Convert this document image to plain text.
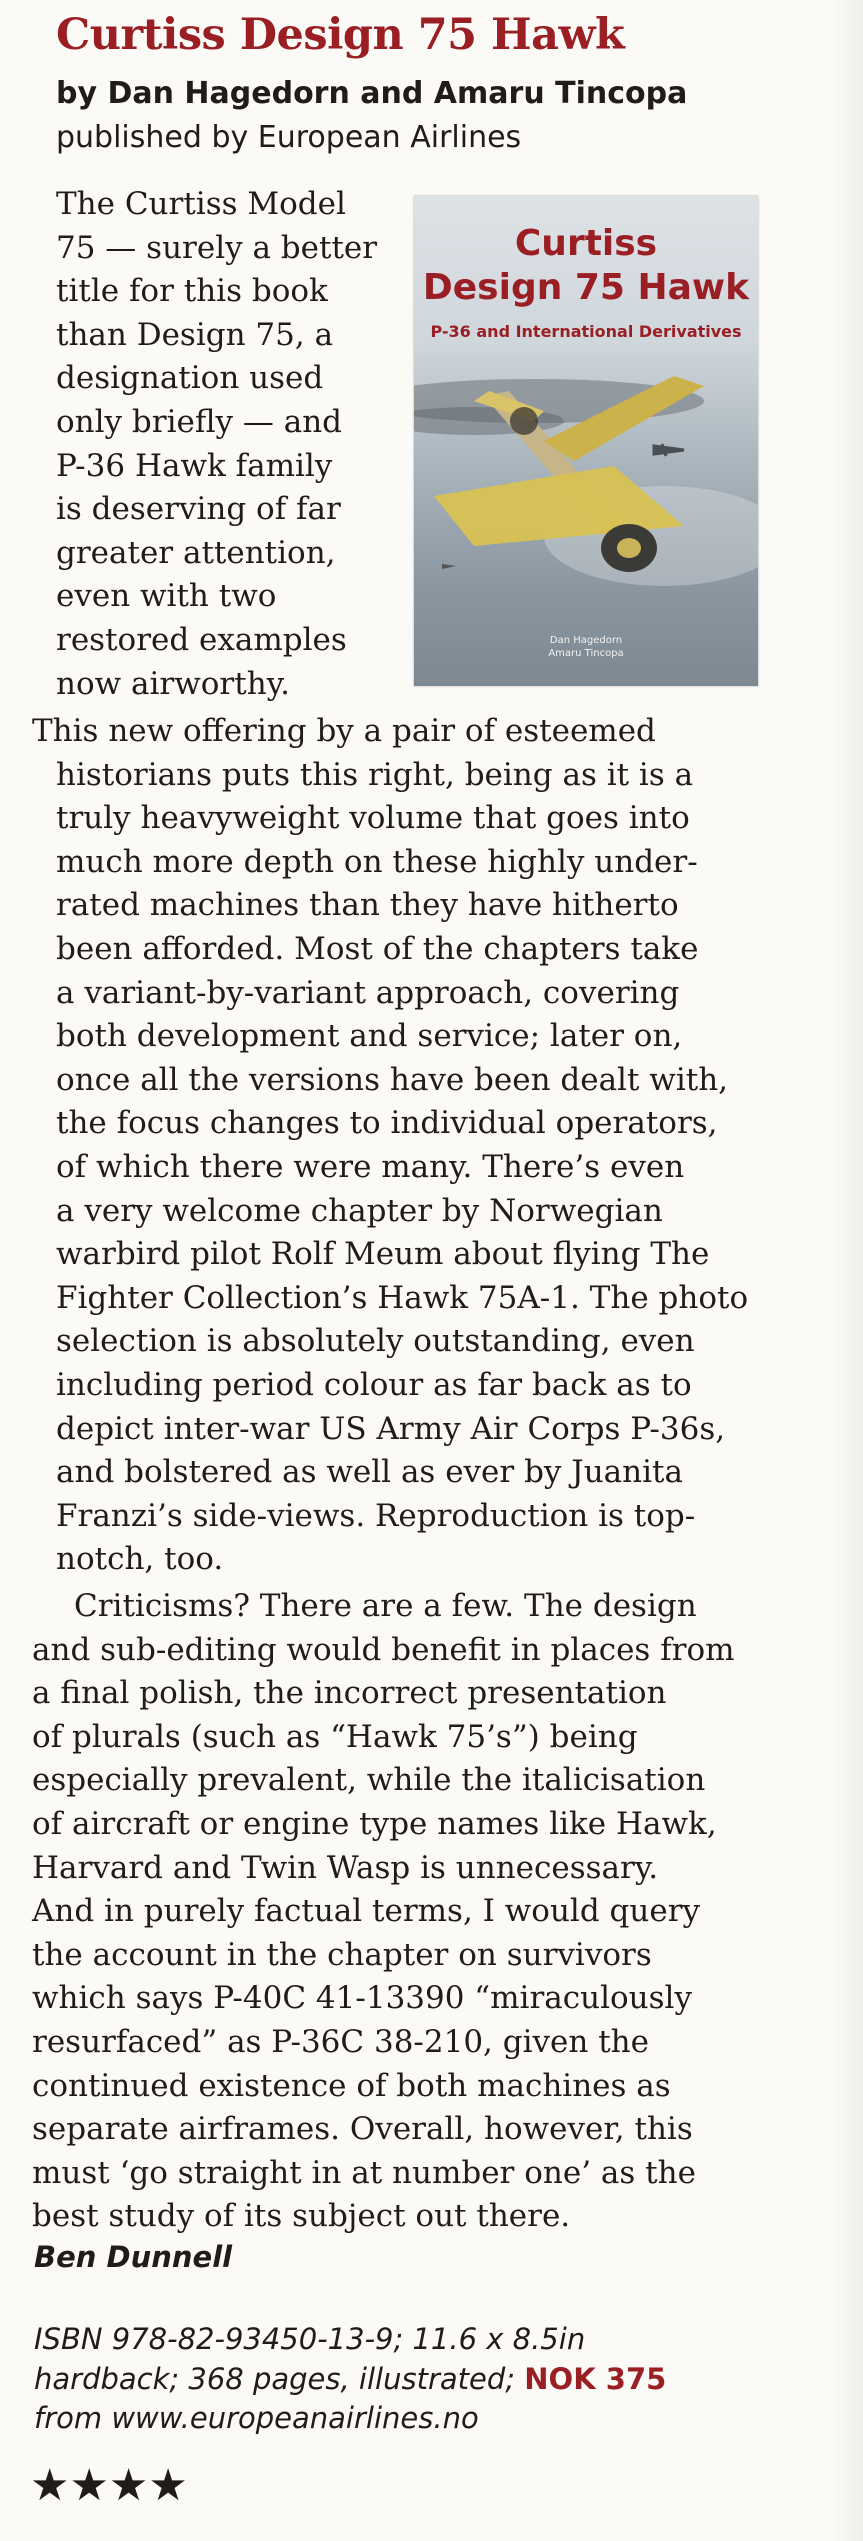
Curtiss Design 75 Hawk
by Dan Hagedorn and Amaru Tincopa
published by European Airlines
Curtiss
Design 75 Hawk
P-36 and International Derivatives
Dan Hagedorn
Amaru Tincopa
The Curtiss Model
75 — surely a better
title for this book
than Design 75, a
designation used
only briefly — and
P-36 Hawk family
is deserving of far
greater attention,
even with two
restored examples
now airworthy.
This new offering by a pair of esteemed
historians puts this right, being as it is a
truly heavyweight volume that goes into
much more depth on these highly under-
rated machines than they have hitherto
been afforded. Most of the chapters take
a variant-by-variant approach, covering
both development and service; later on,
once all the versions have been dealt with,
the focus changes to individual operators,
of which there were many. There’s even
a very welcome chapter by Norwegian
warbird pilot Rolf Meum about flying The
Fighter Collection’s Hawk 75A-1. The photo
selection is absolutely outstanding, even
including period colour as far back as to
depict inter-war US Army Air Corps P-36s,
and bolstered as well as ever by Juanita
Franzi’s side-views. Reproduction is top-
notch, too.
Criticisms? There are a few. The design
and sub-editing would benefit in places from
a final polish, the incorrect presentation
of plurals (such as “Hawk 75’s”) being
especially prevalent, while the italicisation
of aircraft or engine type names like Hawk,
Harvard and Twin Wasp is unnecessary.
And in purely factual terms, I would query
the account in the chapter on survivors
which says P-40C 41-13390 “miraculously
resurfaced” as P-36C 38-210, given the
continued existence of both machines as
separate airframes. Overall, however, this
must ‘go straight in at number one’ as the
best study of its subject out there.
Ben Dunnell
ISBN 978-82-93450-13-9; 11.6 x 8.5in
hardback; 368 pages, illustrated; NOK 375
from www.europeanairlines.no
★★★★
